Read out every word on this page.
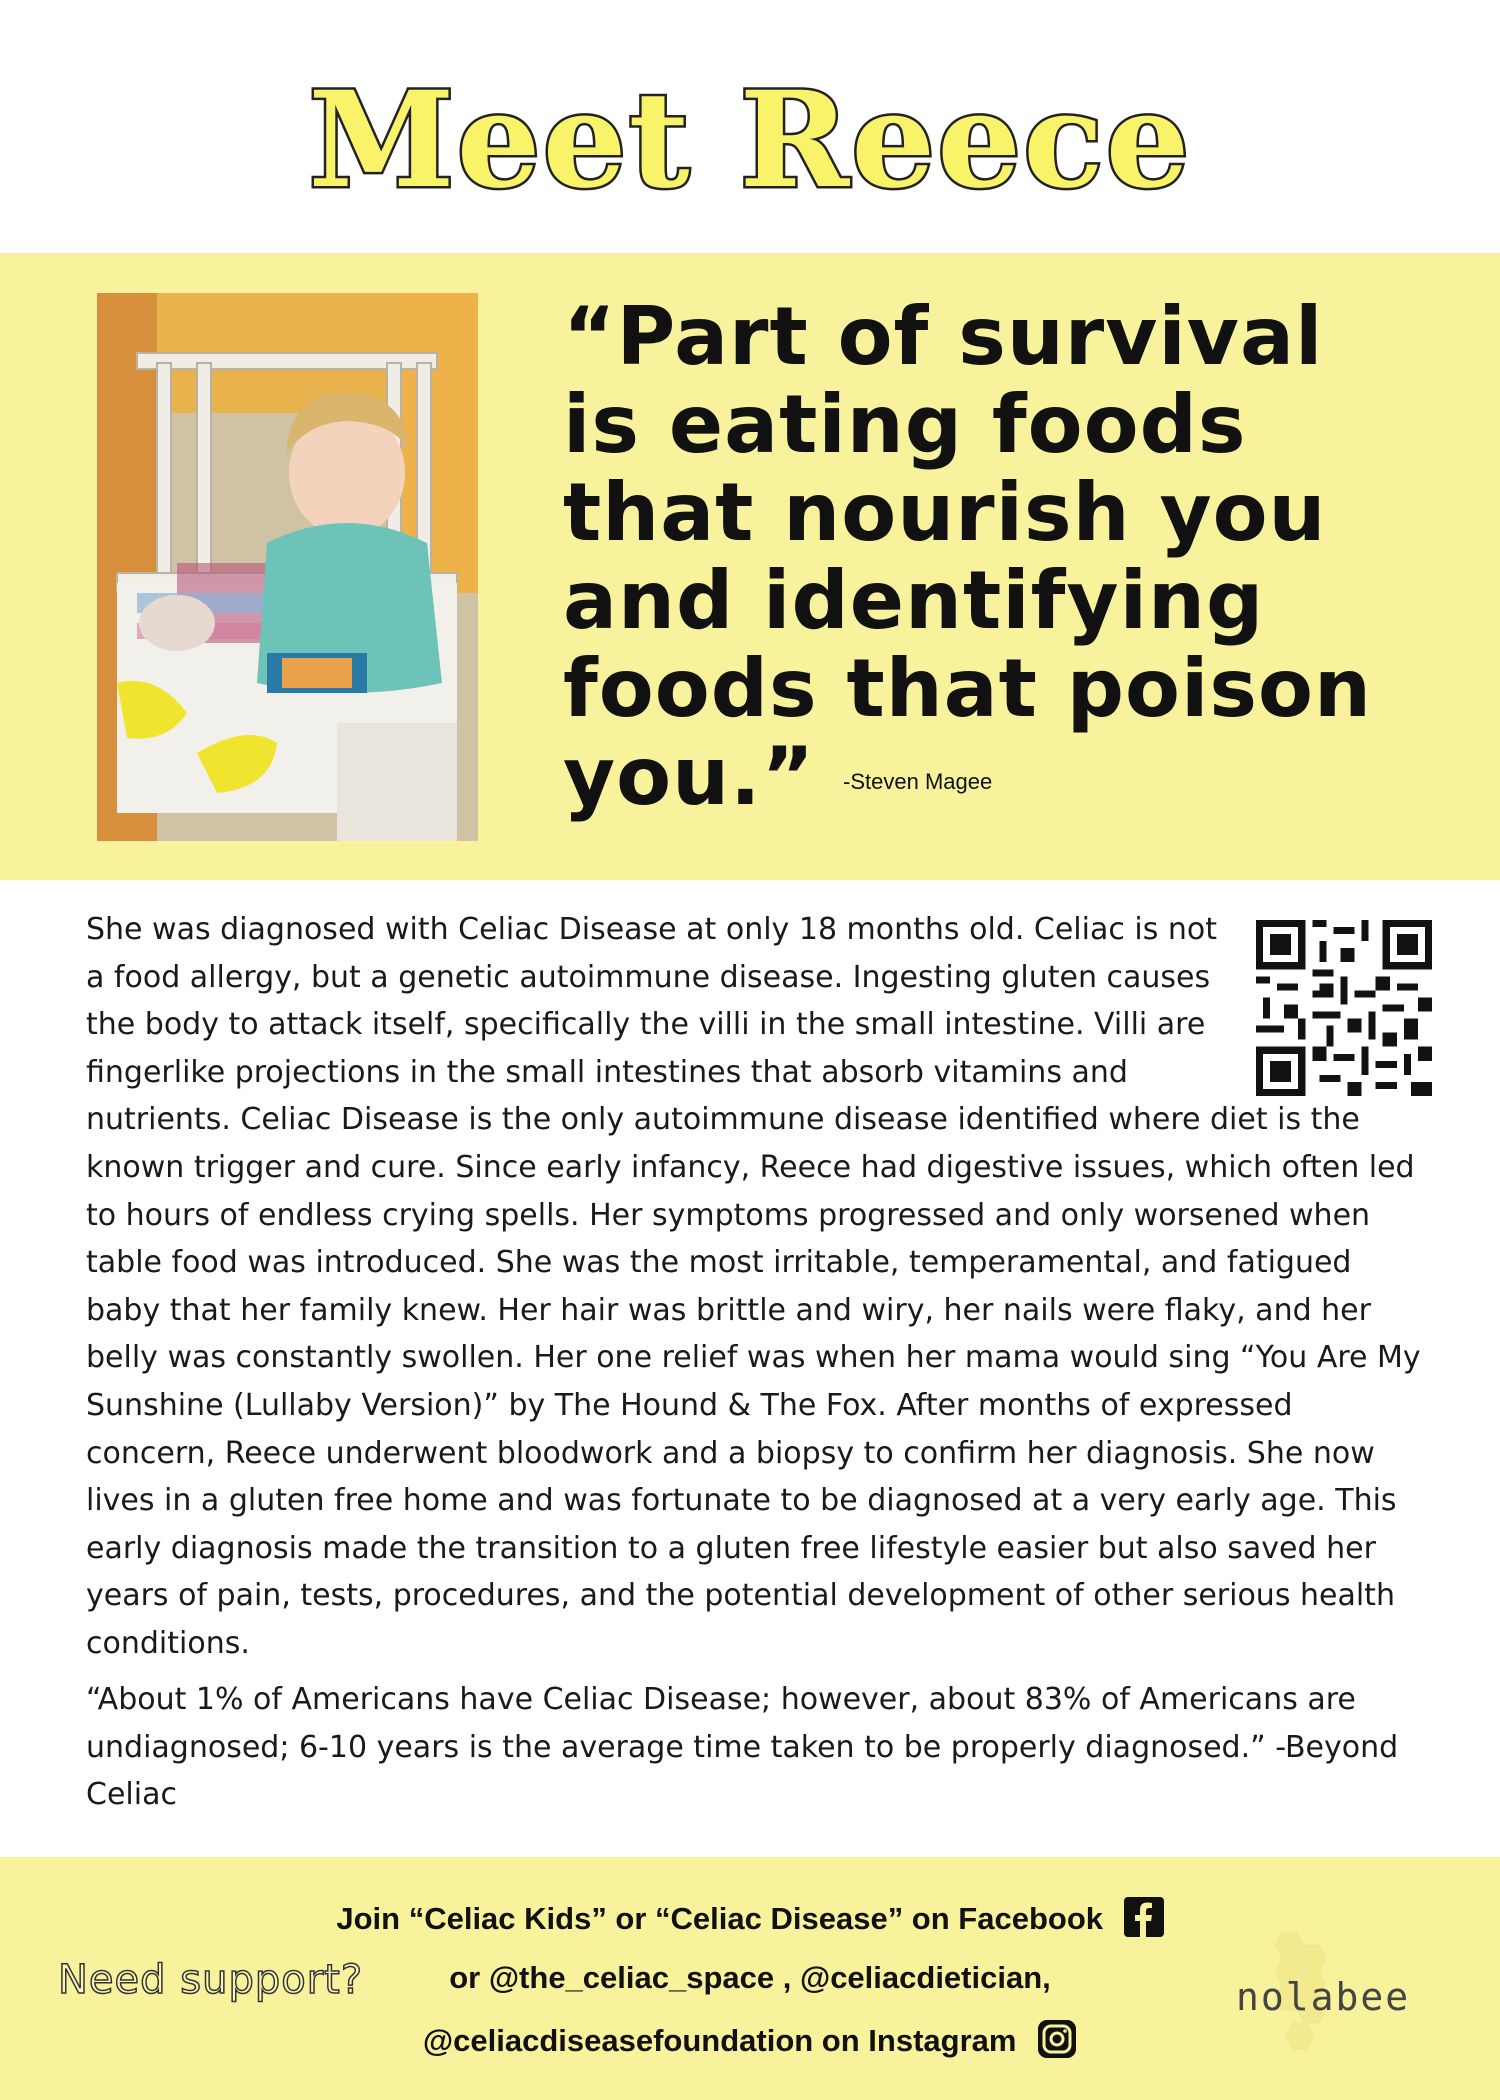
Meet Reece
“Part of survival
is eating foods
that nourish you
and identifying
foods that poison
you.” -Steven Magee

She was diagnosed with Celiac Disease at only 18 months old. Celiac is not a food allergy, but a genetic autoimmune disease. Ingesting gluten causes the body to attack itself, specifically the villi in the small intestine. Villi are fingerlike projections in the small intestines that absorb vitamins and nutrients. Celiac Disease is the only autoimmune disease identified where diet is the known trigger and cure. Since early infancy, Reece had digestive issues, which often led to hours of endless crying spells. Her symptoms progressed and only worsened when table food was introduced. She was the most irritable, temperamental, and fatigued baby that her family knew. Her hair was brittle and wiry, her nails were flaky, and her belly was constantly swollen. Her one relief was when her mama would sing “You Are My Sunshine (Lullaby Version)” by The Hound & The Fox. After months of expressed concern, Reece underwent bloodwork and a biopsy to confirm her diagnosis. She now lives in a gluten free home and was fortunate to be diagnosed at a very early age. This early diagnosis made the transition to a gluten free lifestyle easier but also saved her years of pain, tests, procedures, and the potential development of other serious health conditions.

“About 1% of Americans have Celiac Disease; however, about 83% of Americans are undiagnosed; 6-10 years is the average time taken to be properly diagnosed.” -Beyond Celiac
Need support?
Join “Celiac Kids” or “Celiac Disease” on Facebook
or @the_celiac_space , @celiacdietician,
@celiacdiseasefoundation on Instagram
nolabee
